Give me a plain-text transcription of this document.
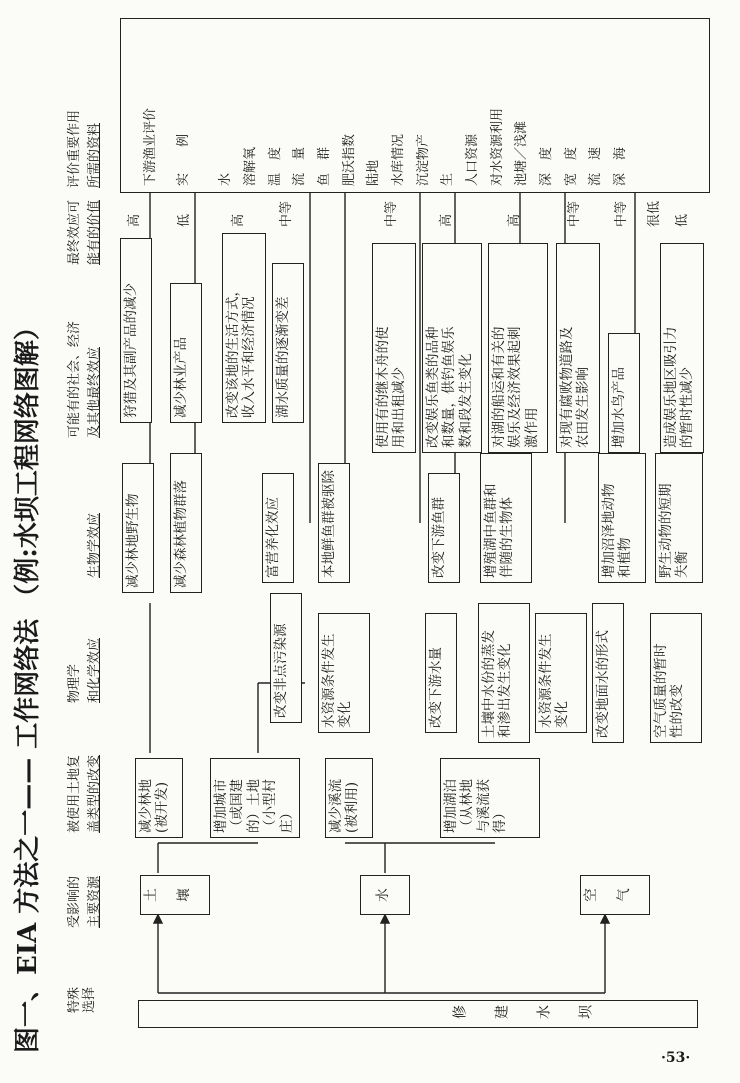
·53·
图一、EIA 方法之一—— 工作网络法 （例:水坝工程网络图解） 特殊
选择
受影响的 主要资源
被使用土地复 盖类型的改变
物理学 和化学效应
生物学效应
可能有的社会、经济 及其他最终效应
最终效应可 能有的价值
评价重要作用 所需的资料
修　　建　　水　　坝
土

壤	水	空

气
减少林地
(被开发)	增加城市
（或国建
的）土地
（小型村
庄）	减少溪流
(被利用)	增加湖泊
（从林地
与溪流获
得）
改变非点污染源	水资源条件发生
变化	改变下游水量	土壤中水份的蒸发
和渗出发生变化	水资源条件发生
变化	改变地面水的形式	空气质量的暂时
性的改变
减少林地野生物	减少森林植物群落	富营养化效应	本地鲜鱼群被驱除	改变下游鱼群	增殖湖中鱼群和
伴随的生物体	增加沼泽地动物
和植物	野生动物的短期
失衡
狩猎及其副产品的减少	减少林业产品	改变该地的生活方式，
收入水平和经济情况	湖水质量的逐渐变差	使用有的继木舟的使
用和出租减少	改变娱乐鱼类的品种
和数量，供钓鱼娱乐
数和段发生变化	对湖的船运和有关的
娱乐及经济效果起刺
激作用	对现有腐败物道路及
农田发生影响	增加水鸟产品	造成娱乐地区吸引力
的暂时性减少
高	低	高	中等	中等	高	高	中等 中等 很低 低

下游渔业评价 实　　例	水 溶解氧 温　度 流　量 鱼　群 肥沃指数 陆地 水库情况 沉淀物产 生 人口资源 对水资源利用 池塘／浅滩 深　度 宽　度 流　速 深　海
